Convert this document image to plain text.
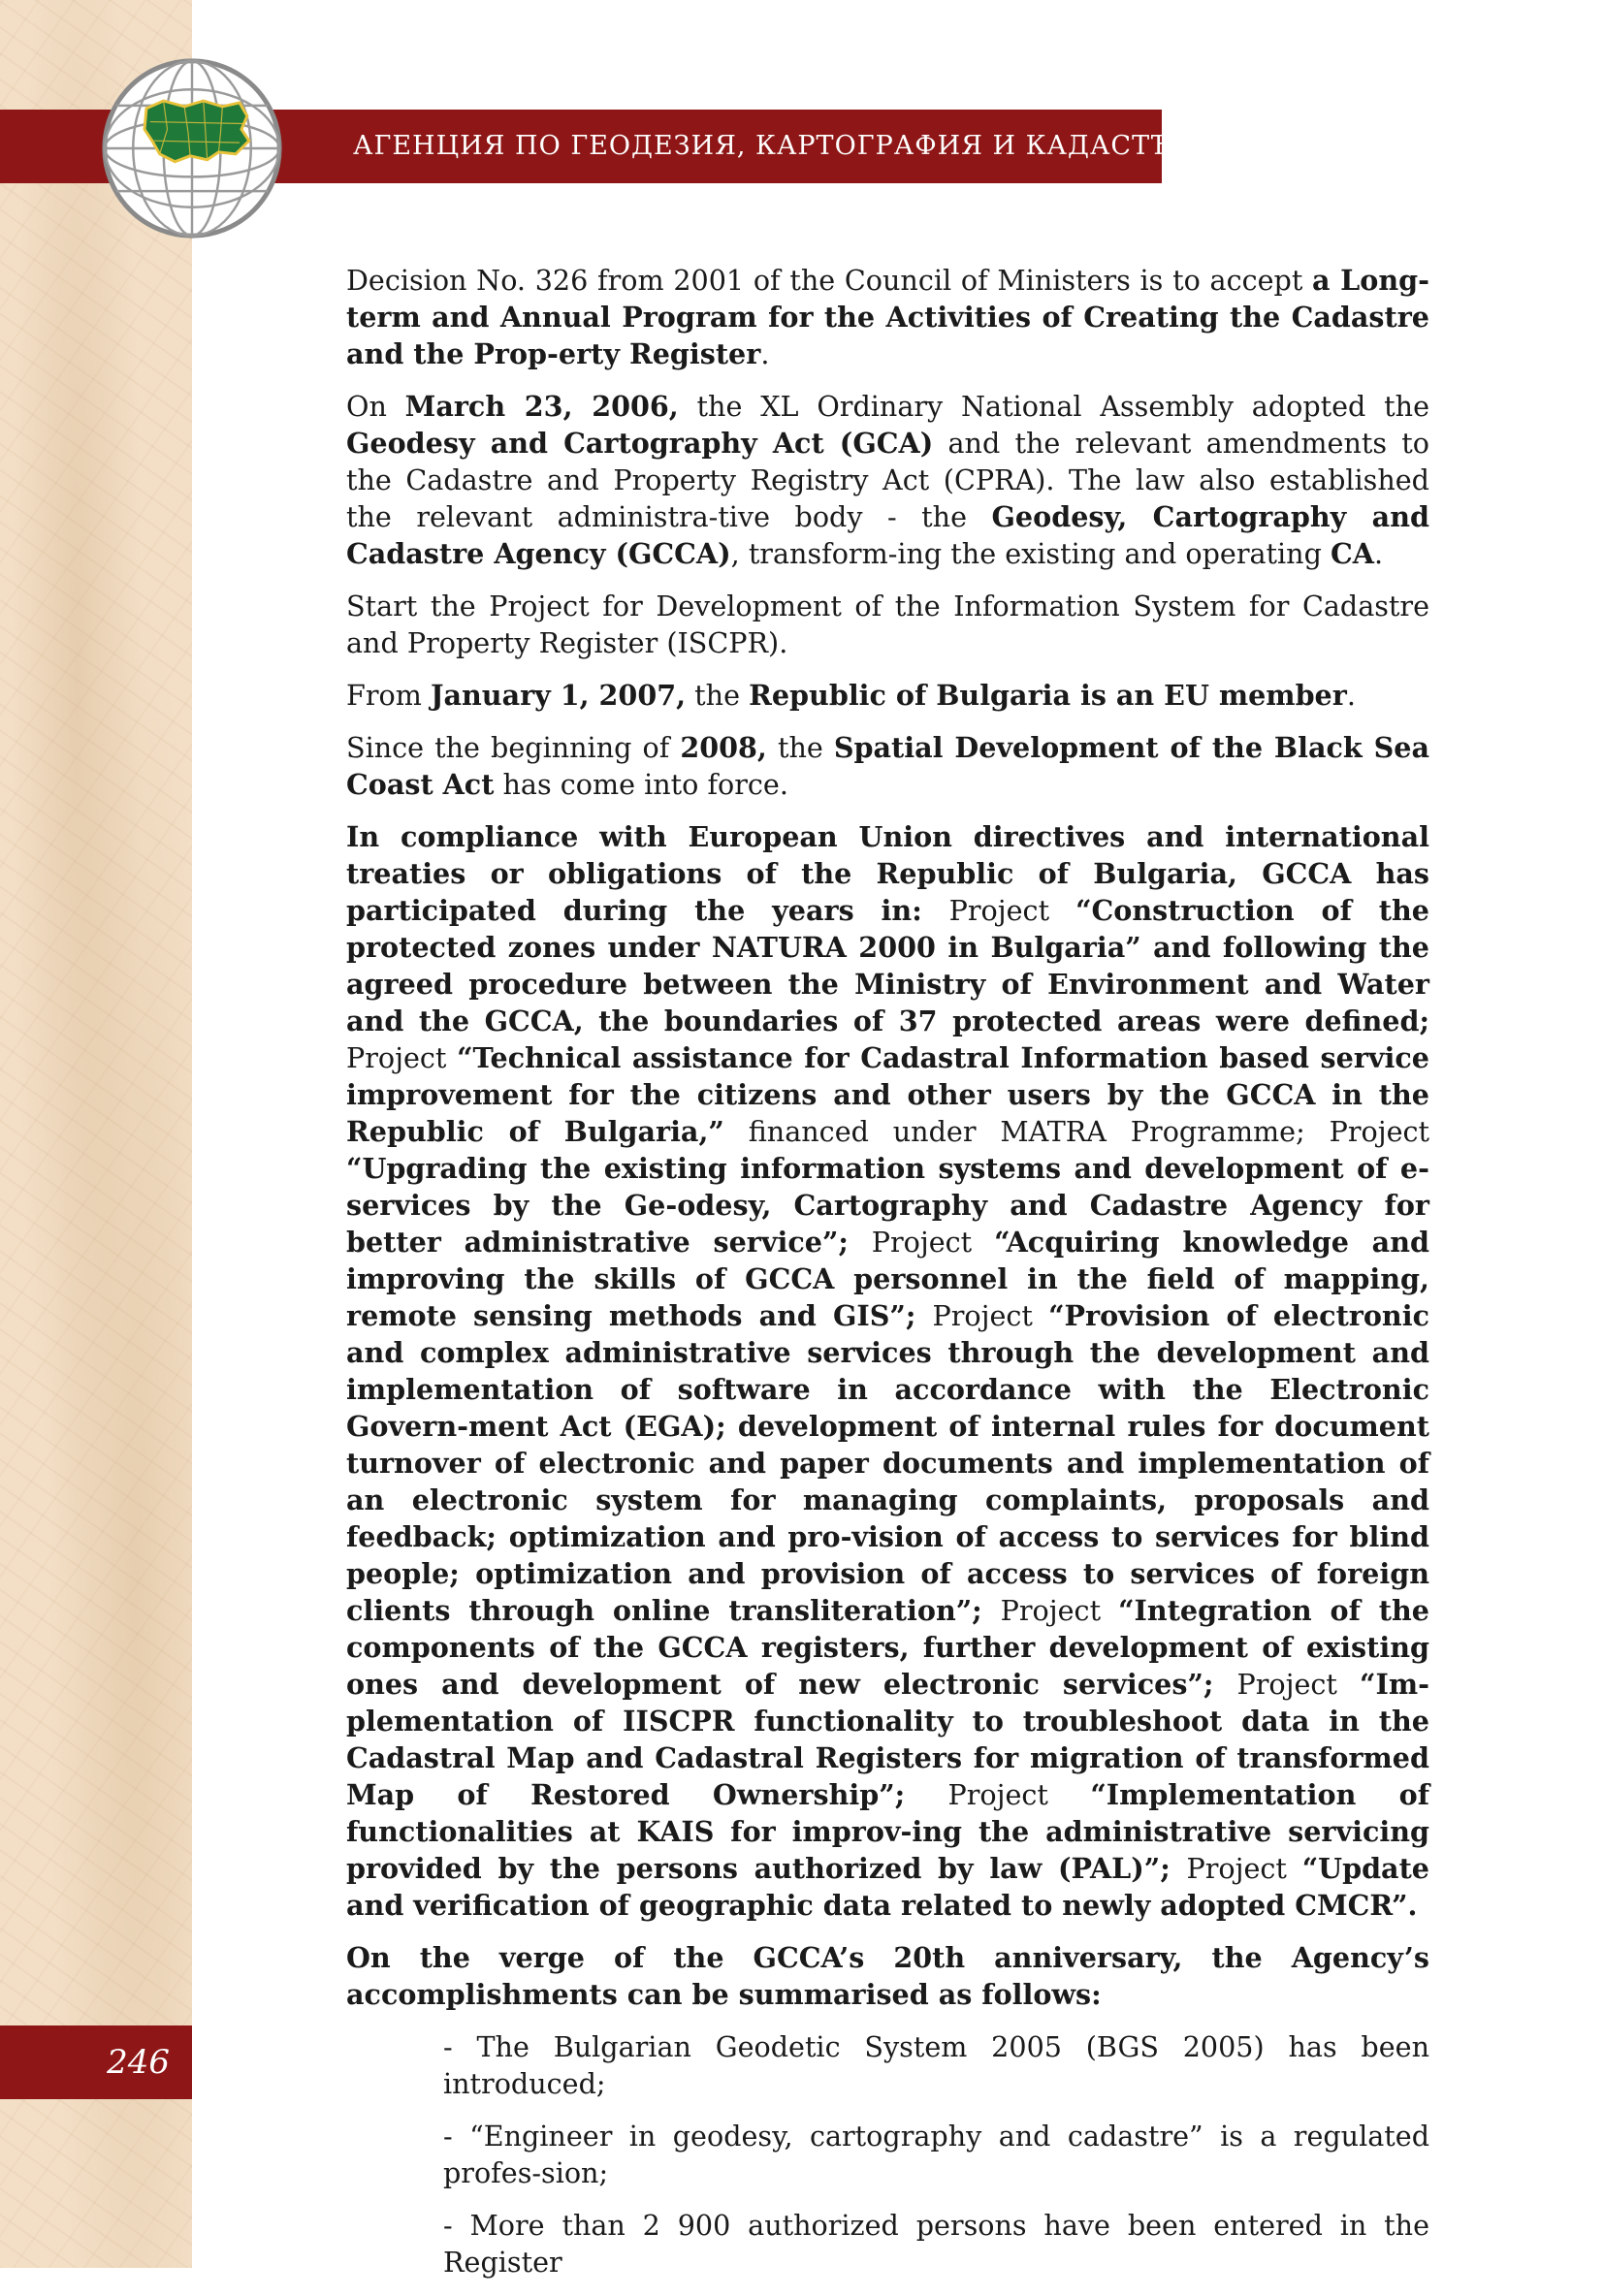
АГЕНЦИЯ ПО ГЕОДЕЗИЯ, КАРТОГРАФИЯ И КАДАСТЪР
246

Decision No. 326 from 2001 of the Council of Ministers is to accept a Long-term and Annual Program for the Activities of Creating the Cadastre and the Prop-erty Register.

On March 23, 2006, the XL Ordinary National Assembly adopted the Geodesy and Cartography Act (GCA) and the relevant amendments to the Cadastre and Property Registry Act (CPRA). The law also established the relevant administra-tive body - the Geodesy, Cartography and Cadastre Agency (GCCA), transform-ing the existing and operating CA.

Start the Project for Development of the Information System for Cadastre and Property Register (ISCPR).

From January 1, 2007, the Republic of Bulgaria is an EU member.

Since the beginning of 2008, the Spatial Development of the Black Sea Coast Act has come into force.

In compliance with European Union directives and international treaties or obligations of the Republic of Bulgaria, GCCA has participated during the years in: Project “Construction of the protected zones under NATURA 2000 in Bulgaria” and following the agreed procedure between the Ministry of Environment and Water and the GCCA, the boundaries of 37 protected areas were defined; Project “Technical assistance for Cadastral Information based service improvement for the citizens and other users by the GCCA in the Republic of Bulgaria,” financed under MATRA Programme; Project “Upgrading the existing information systems and development of e-services by the Ge-odesy, Cartography and Cadastre Agency for better administrative service”; Project “Acquiring knowledge and improving the skills of GCCA personnel in the field of mapping, remote sensing methods and GIS”; Project “Provision of electronic and complex administrative services through the development and implementation of software in accordance with the Electronic Govern-ment Act (EGA); development of internal rules for document turnover of electronic and paper documents and implementation of an electronic system for managing complaints, proposals and feedback; optimization and pro-vision of access to services for blind people; optimization and provision of access to services of foreign clients through online transliteration”; Project “Integration of the components of the GCCA registers, further development of existing ones and development of new electronic services”; Project “Im-plementation of IISCPR functionality to troubleshoot data in the Cadastral Map and Cadastral Registers for migration of transformed Map of Restored Ownership”; Project “Implementation of functionalities at KAIS for improv-ing the administrative servicing provided by the persons authorized by law (PAL)”; Project “Update and verification of geographic data related to newly adopted CMCR”.

On the verge of the GCCA’s 20th anniversary, the Agency’s accomplishments can be summarised as follows:

- The Bulgarian Geodetic System 2005 (BGS 2005) has been introduced;

- “Engineer in geodesy, cartography and cadastre” is a regulated profes-sion;

- More than 2 900 authorized persons have been entered in the Register
